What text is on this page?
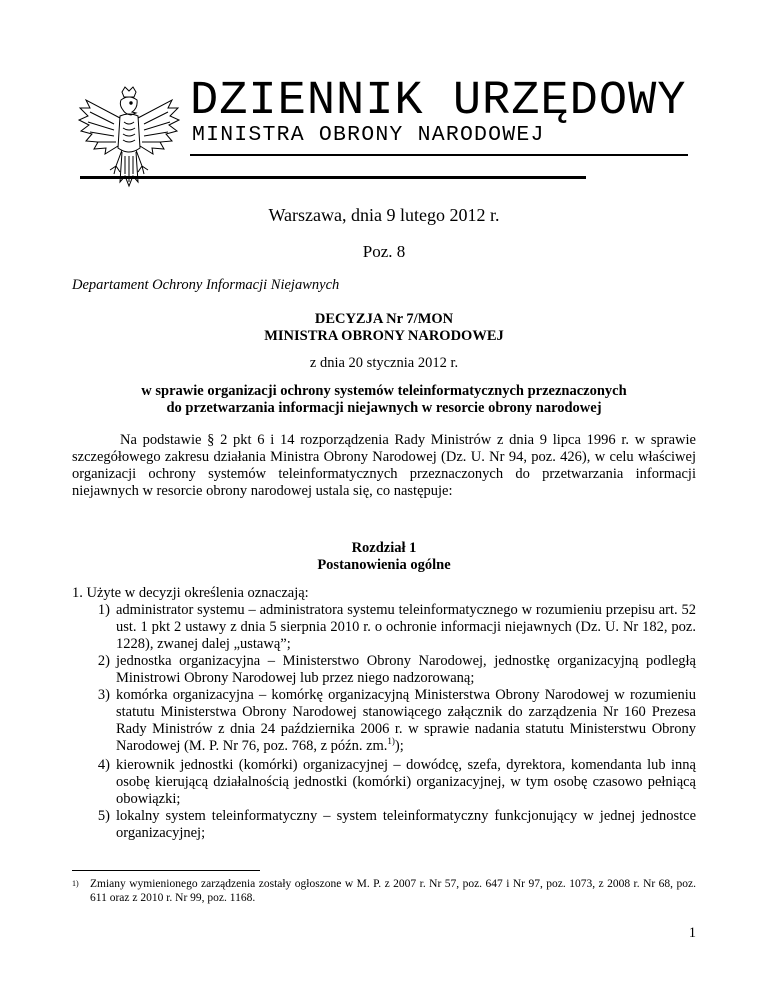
DZIENNIK URZĘDOWY
MINISTRA OBRONY NARODOWEJ
Warszawa, dnia 9 lutego 2012 r.
Poz. 8
Departament Ochrony Informacji Niejawnych
DECYZJA Nr 7/MON
MINISTRA OBRONY NARODOWEJ
z dnia 20 stycznia 2012 r.
w sprawie organizacji ochrony systemów teleinformatycznych przeznaczonych
do przetwarzania informacji niejawnych w resorcie obrony narodowej

Na podstawie § 2 pkt 6 i 14 rozporządzenia Rady Ministrów z dnia 9 lipca 1996 r. w sprawie szczegółowego zakresu działania Ministra Obrony Narodowej (Dz. U. Nr 94, poz. 426), w celu właściwej organizacji ochrony systemów teleinformatycznych przeznaczonych do przetwarzania informacji niejawnych w resorcie obrony narodowej ustala się, co następuje:

Rozdział 1
Postanowienia ogólne
1. Użyte w decyzji określenia oznaczają:
1) administrator systemu – administratora systemu teleinformatycznego w rozumieniu przepisu art. 52 ust. 1 pkt 2 ustawy z dnia 5 sierpnia 2010 r. o ochronie informacji niejawnych (Dz. U. Nr 182, poz. 1228), zwanej dalej „ustawą”;
2) jednostka organizacyjna – Ministerstwo Obrony Narodowej, jednostkę organizacyjną podległą Ministrowi Obrony Narodowej lub przez niego nadzorowaną;
3) komórka organizacyjna – komórkę organizacyjną Ministerstwa Obrony Narodowej w rozumieniu statutu Ministerstwa Obrony Narodowej stanowiącego załącznik do zarządzenia Nr 160 Prezesa Rady Ministrów z dnia 24 października 2006 r. w sprawie nadania statutu Ministerstwu Obrony Narodowej (M. P. Nr 76, poz. 768, z późn. zm.$^{1)}$);
4) kierownik jednostki (komórki) organizacyjnej – dowódcę, szefa, dyrektora, komendanta lub inną osobę kierującą działalnością jednostki (komórki) organizacyjnej, w tym osobę czasowo pełniącą obowiązki;
5) lokalny system teleinformatyczny – system teleinformatyczny funkcjonujący w jednej jednostce organizacyjnej;
1) Zmiany wymienionego zarządzenia zostały ogłoszone w M. P. z 2007 r. Nr 57, poz. 647 i Nr 97, poz. 1073, z 2008 r. Nr 68, poz. 611 oraz z 2010 r. Nr 99, poz. 1168.
1
